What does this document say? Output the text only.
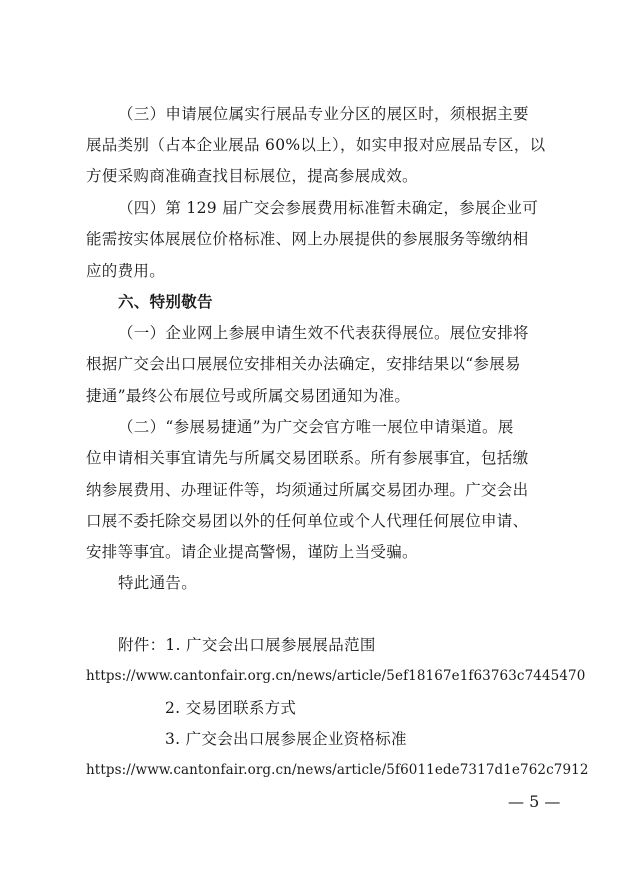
（三）申请展位属实行展品专业分区的展区时，须根据主要
展品类别（占本企业展品 60%以上），如实申报对应展品专区，以
方便采购商准确查找目标展位，提高参展成效。
（四）第 129 届广交会参展费用标准暂未确定，参展企业可
能需按实体展展位价格标准、网上办展提供的参展服务等缴纳相
应的费用。
六、特别敬告
（一）企业网上参展申请生效不代表获得展位。展位安排将
根据广交会出口展展位安排相关办法确定，安排结果以“参展易
捷通”最终公布展位号或所属交易团通知为准。
（二）“参展易捷通”为广交会官方唯一展位申请渠道。展
位申请相关事宜请先与所属交易团联系。所有参展事宜，包括缴
纳参展费用、办理证件等，均须通过所属交易团办理。广交会出
口展不委托除交易团以外的任何单位或个人代理任何展位申请、
安排等事宜。请企业提高警惕，谨防上当受骗。
特此通告。
附件：1. 广交会出口展参展展品范围
https://www.cantonfair.org.cn/news/article/5ef18167e1f63763c7445470
2. 交易团联系方式
3. 广交会出口展参展企业资格标准
https://www.cantonfair.org.cn/news/article/5f6011ede7317d1e762c7912
— 5 —
